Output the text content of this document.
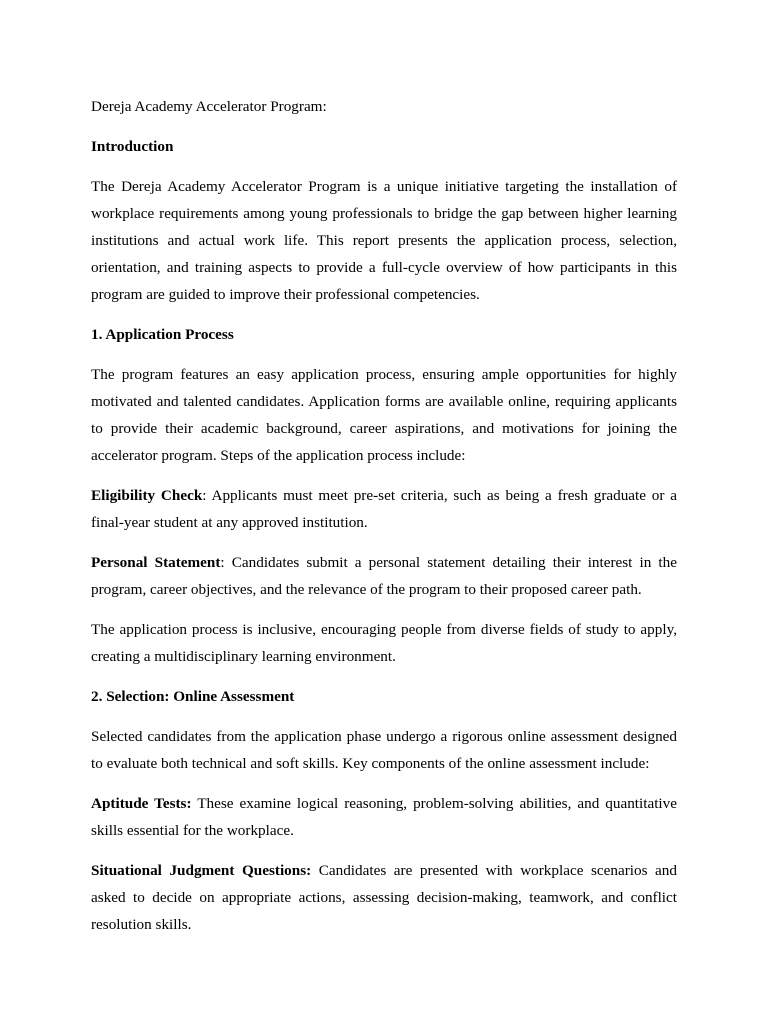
Dereja Academy Accelerator Program:

Introduction

The Dereja Academy Accelerator Program is a unique initiative targeting the installation of workplace requirements among young professionals to bridge the gap between higher learning institutions and actual work life. This report presents the application process, selection, orientation, and training aspects to provide a full-cycle overview of how participants in this program are guided to improve their professional competencies.

1. Application Process

The program features an easy application process, ensuring ample opportunities for highly motivated and talented candidates. Application forms are available online, requiring applicants to provide their academic background, career aspirations, and motivations for joining the accelerator program. Steps of the application process include:

Eligibility Check: Applicants must meet pre-set criteria, such as being a fresh graduate or a final-year student at any approved institution.

Personal Statement: Candidates submit a personal statement detailing their interest in the program, career objectives, and the relevance of the program to their proposed career path.

The application process is inclusive, encouraging people from diverse fields of study to apply, creating a multidisciplinary learning environment.

2. Selection: Online Assessment

Selected candidates from the application phase undergo a rigorous online assessment designed to evaluate both technical and soft skills. Key components of the online assessment include:

Aptitude Tests: These examine logical reasoning, problem-solving abilities, and quantitative skills essential for the workplace.

Situational Judgment Questions: Candidates are presented with workplace scenarios and asked to decide on appropriate actions, assessing decision-making, teamwork, and conflict resolution skills.
